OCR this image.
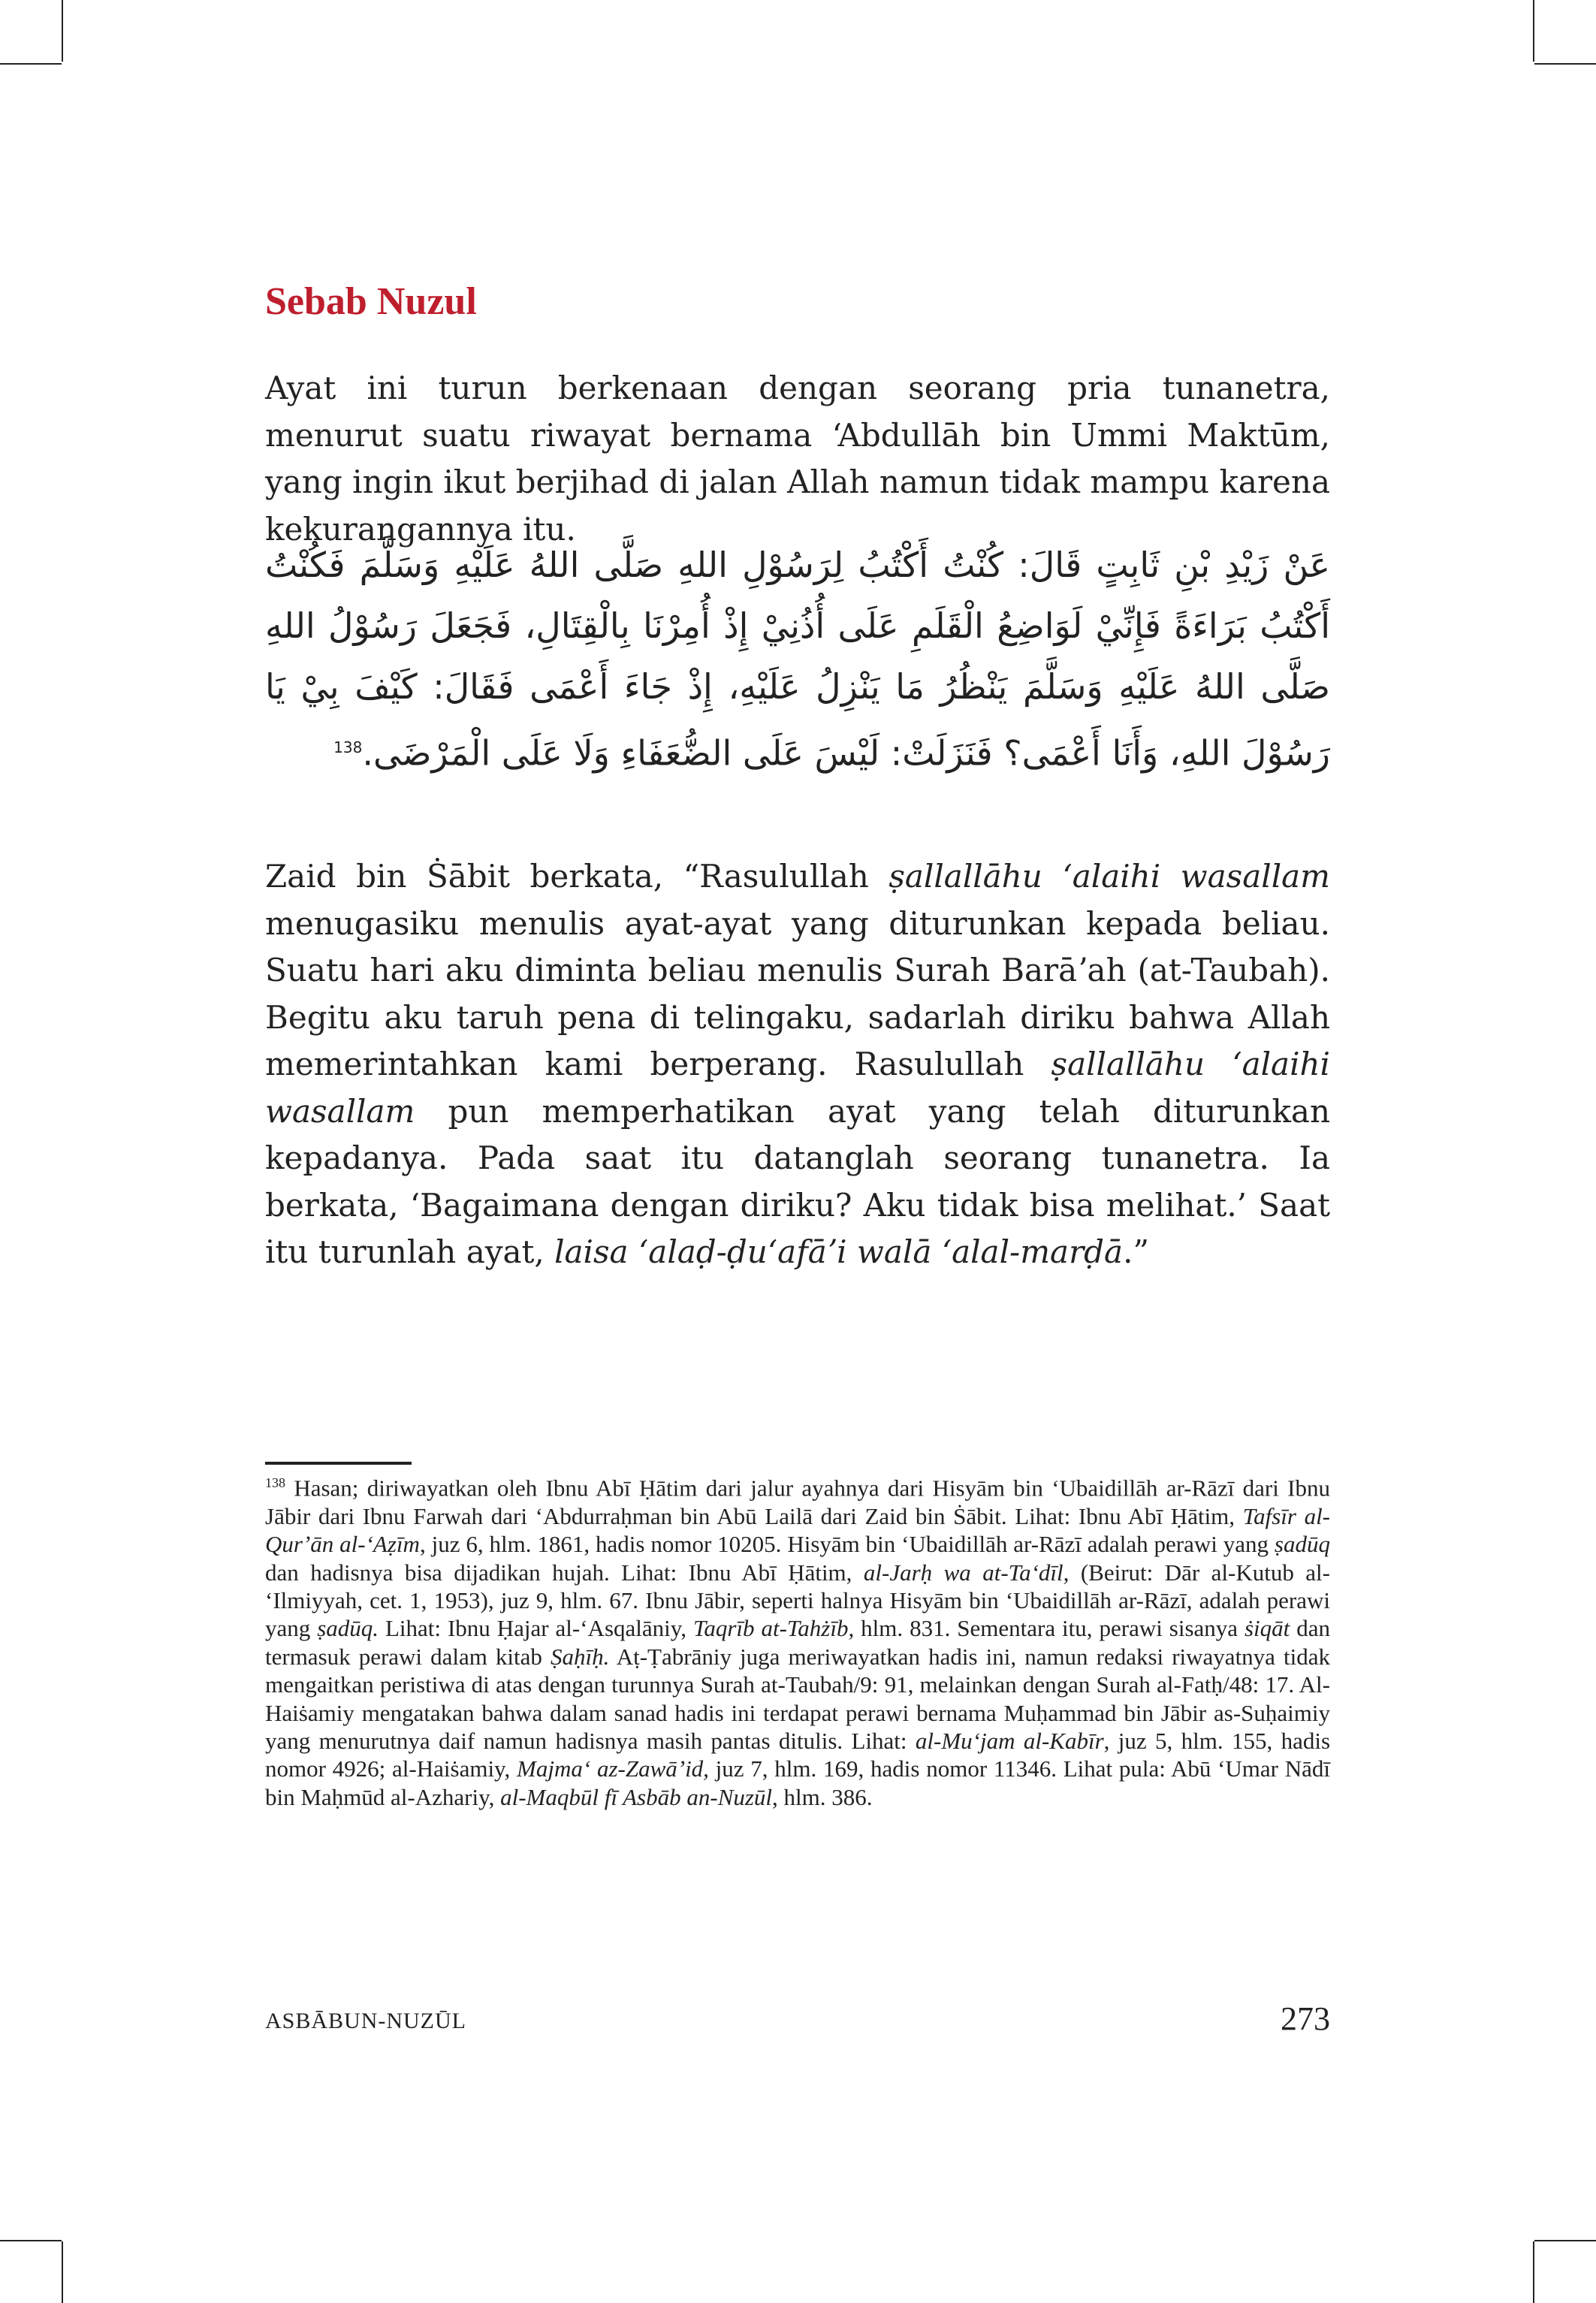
Sebab Nuzul

Ayat ini turun berkenaan dengan seorang pria tunanetra, menurut suatu riwayat bernama ʻAbdullāh bin Ummi Maktūm, yang ingin ikut berjihad di jalan Allah namun tidak mampu karena kekurangannya itu.

عَنْ زَيْدِ بْنِ ثَابِتٍ قَالَ: كُنْتُ أَكْتُبُ لِرَسُوْلِ اللهِ صَلَّى اللهُ عَلَيْهِ وَسَلَّمَ فَكُنْتُ أَكْتُبُ بَرَاءَةً فَإِنِّيْ لَوَاضِعُ الْقَلَمِ عَلَى أُذُنِيْ إِذْ أُمِرْنَا بِالْقِتَالِ، فَجَعَلَ رَسُوْلُ اللهِ صَلَّى اللهُ عَلَيْهِ وَسَلَّمَ يَنْظُرُ مَا يَنْزِلُ عَلَيْهِ، إِذْ جَاءَ أَعْمَى فَقَالَ: كَيْفَ بِيْ يَا رَسُوْلَ اللهِ، وَأَنَا أَعْمَى؟ فَنَزَلَتْ: لَيْسَ عَلَى الضُّعَفَاءِ وَلَا عَلَى الْمَرْضَى.$^{138}$

Zaid bin Ṡābit berkata, “Rasulullah ṣallallāhu ʻalaihi wasallam menugasiku menulis ayat-ayat yang diturunkan kepada beliau. Suatu hari aku diminta beliau menulis Surah Barāʼah (at-Taubah). Begitu aku taruh pena di telingaku, sadarlah diriku bahwa Allah memerintahkan kami berperang. Rasulullah ṣallallāhu ʻalaihi wasallam pun memperhatikan ayat yang telah diturunkan kepadanya. Pada saat itu datanglah seorang tunanetra. Ia berkata, ‘Bagaimana dengan diriku? Aku tidak bisa melihat.’ Saat itu turunlah ayat, laisa ʻalaḍ-ḍuʻafāʼi walā ʻalal-marḍā.”

$^{138}$ Hasan; diriwayatkan oleh Ibnu Abī Ḥātim dari jalur ayahnya dari Hisyām bin ʻUbaidillāh ar-Rāzī dari Ibnu Jābir dari Ibnu Farwah dari ʻAbdurraḥman bin Abū Lailā dari Zaid bin Ṡābit. Lihat: Ibnu Abī Ḥātim, Tafsīr al-Qurʼān al-ʻAẓīm, juz 6, hlm. 1861, hadis nomor 10205. Hisyām bin ʻUbaidillāh ar-Rāzī adalah perawi yang ṣadūq dan hadisnya bisa dijadikan hujah. Lihat: Ibnu Abī Ḥātim, al-Jarḥ wa at-Taʻdīl, (Beirut: Dār al-Kutub al-ʻIlmiyyah, cet. 1, 1953), juz 9, hlm. 67. Ibnu Jābir, seperti halnya Hisyām bin ʻUbaidillāh ar-Rāzī, adalah perawi yang ṣadūq. Lihat: Ibnu Ḥajar al-ʻAsqalāniy, Taqrīb at-Tahżīb, hlm. 831. Sementara itu, perawi sisanya ṡiqāt dan termasuk perawi dalam kitab Ṣaḥīḥ. Aṭ-Ṭabrāniy juga meriwayatkan hadis ini, namun redaksi riwayatnya tidak mengaitkan peristiwa di atas dengan turunnya Surah at-Taubah/9: 91, melainkan dengan Surah al-Fatḥ/48: 17. Al-Haiṡamiy mengatakan bahwa dalam sanad hadis ini terdapat perawi bernama Muḥammad bin Jābir as-Suḥaimiy yang menurutnya daif namun hadisnya masih pantas ditulis. Lihat: al-Muʻjam al-Kabīr, juz 5, hlm. 155, hadis nomor 4926; al-Haiṡamiy, Majmaʻ az-Zawāʼid, juz 7, hlm. 169, hadis nomor 11346. Lihat pula: Abū ʻUmar Nādī bin Maḥmūd al-Azhariy, al-Maqbūl fī Asbāb an-Nuzūl, hlm. 386.

ASBĀBUN-NUZŪL	273
